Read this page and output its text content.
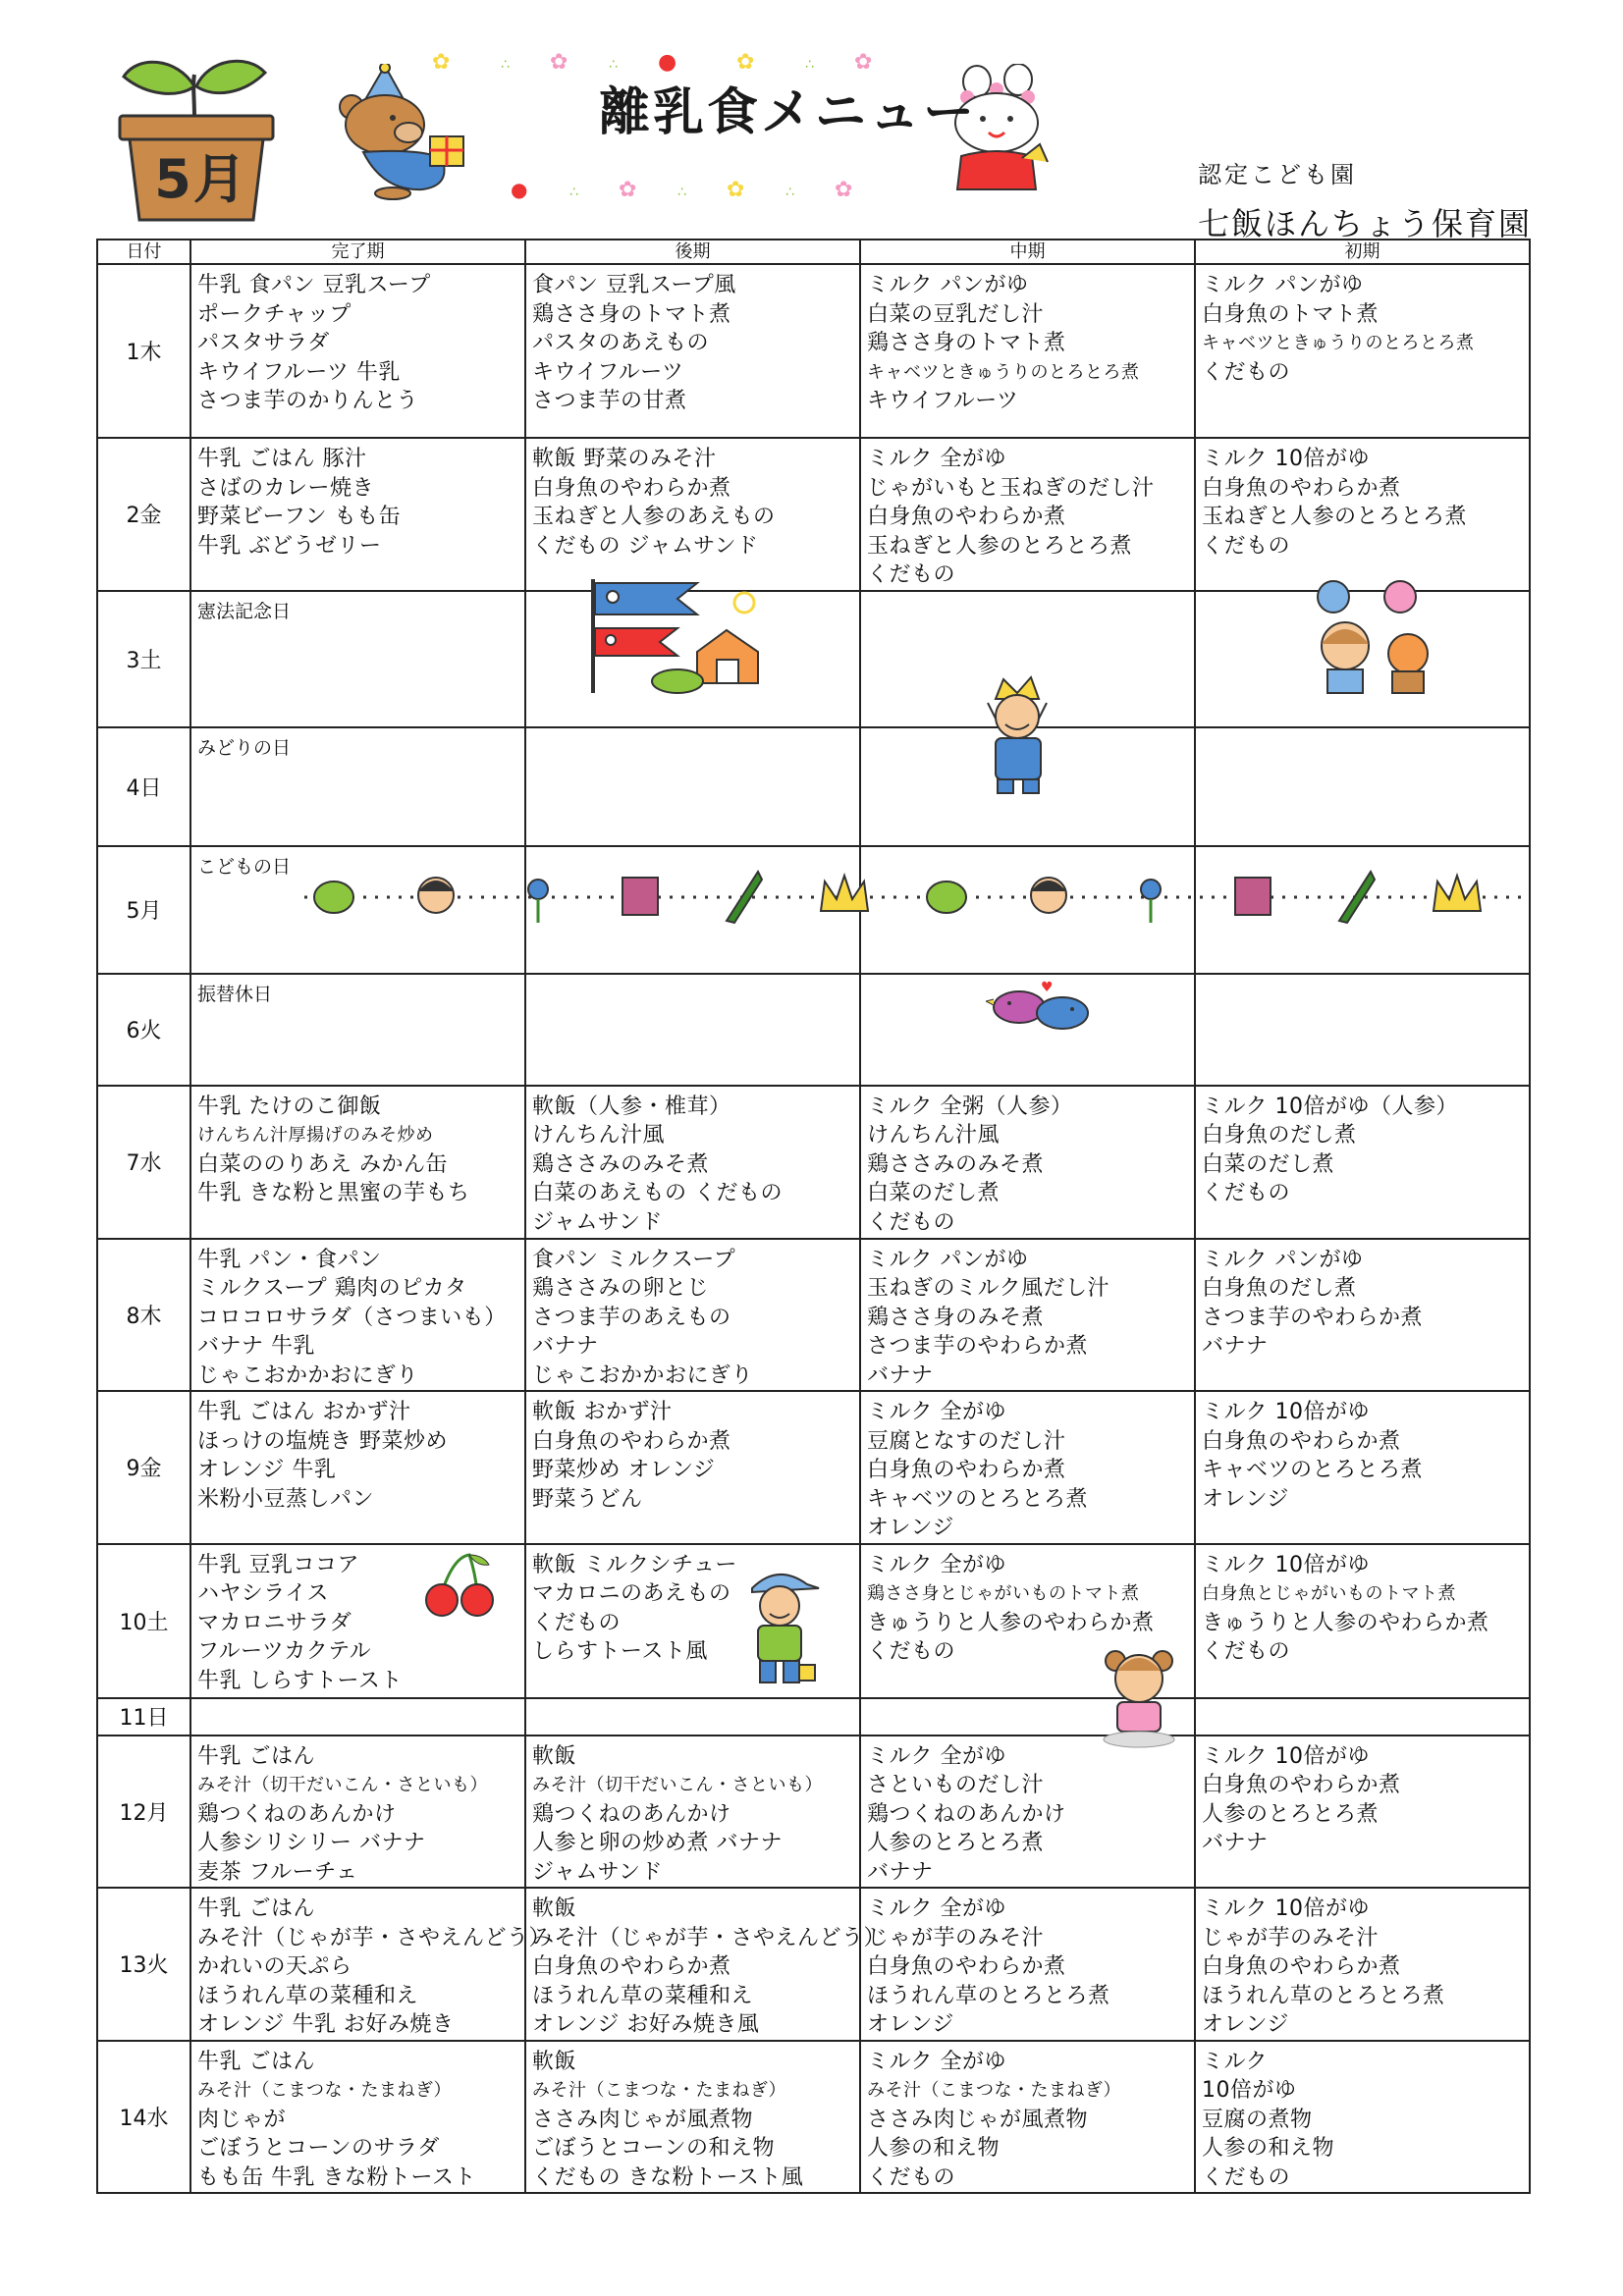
5月
✿	∴ ✿	∴ ●	✿	∴ ✿
●	∴ ✿	∴ ✿	∴ ✿
離乳食メニュー
認定こども園
七飯ほんちょう保育園
日付	完了期	後期	中期	初期
1木	牛乳 食パン 豆乳スープ
ポークチャップ
パスタサラダ
キウイフルーツ 牛乳
さつま芋のかりんとう	食パン 豆乳スープ風
鶏ささ身のトマト煮
パスタのあえもの
キウイフルーツ
さつま芋の甘煮	ミルク パンがゆ
白菜の豆乳だし汁
鶏ささ身のトマト煮
キャベツときゅうりのとろとろ煮
キウイフルーツ	ミルク パンがゆ
白身魚のトマト煮
キャベツときゅうりのとろとろ煮
くだもの

2金	牛乳 ごはん 豚汁
さばのカレー焼き
野菜ビーフン もも缶
牛乳 ぶどうゼリー	軟飯 野菜のみそ汁
白身魚のやわらか煮
玉ねぎと人参のあえもの
くだもの ジャムサンド	ミルク 全がゆ
じゃがいもと玉ねぎのだし汁
白身魚のやわらか煮
玉ねぎと人参のとろとろ煮
くだもの	ミルク 10倍がゆ
白身魚のやわらか煮
玉ねぎと人参のとろとろ煮
くだもの

3土	憲法記念日			

4日	みどりの日			

5月	こどもの日			

6火	振替休日			

7水	牛乳 たけのこ御飯
けんちん汁厚揚げのみそ炒め
白菜ののりあえ みかん缶
牛乳 きな粉と黒蜜の芋もち	軟飯（人参・椎茸）
けんちん汁風
鶏ささみのみそ煮
白菜のあえもの くだもの
ジャムサンド	ミルク 全粥（人参）
けんちん汁風
鶏ささみのみそ煮
白菜のだし煮
くだもの	ミルク 10倍がゆ（人参）
白身魚のだし煮
白菜のだし煮
くだもの

8木	牛乳 パン・食パン
ミルクスープ 鶏肉のピカタ
コロコロサラダ（さつまいも）
バナナ 牛乳
じゃこおかかおにぎり	食パン ミルクスープ
鶏ささみの卵とじ
さつま芋のあえもの
バナナ
じゃこおかかおにぎり	ミルク パンがゆ
玉ねぎのミルク風だし汁
鶏ささ身のみそ煮
さつま芋のやわらか煮
バナナ	ミルク パンがゆ
白身魚のだし煮
さつま芋のやわらか煮
バナナ

9金	牛乳 ごはん おかず汁
ほっけの塩焼き 野菜炒め
オレンジ 牛乳
米粉小豆蒸しパン	軟飯 おかず汁
白身魚のやわらか煮
野菜炒め オレンジ
野菜うどん	ミルク 全がゆ
豆腐となすのだし汁
白身魚のやわらか煮
キャベツのとろとろ煮
オレンジ	ミルク 10倍がゆ
白身魚のやわらか煮
キャベツのとろとろ煮
オレンジ

10土	牛乳 豆乳ココア
ハヤシライス
マカロニサラダ
フルーツカクテル
牛乳 しらすトースト	軟飯 ミルクシチュー
マカロニのあえもの
くだもの
しらすトースト風	ミルク 全がゆ
鶏ささ身とじゃがいものトマト煮
きゅうりと人参のやわらか煮
くだもの	ミルク 10倍がゆ
白身魚とじゃがいものトマト煮
きゅうりと人参のやわらか煮
くだもの

11日				
12月	牛乳 ごはん
みそ汁（切干だいこん・さといも）
鶏つくねのあんかけ
人参シリシリー バナナ
麦茶 フルーチェ	軟飯
みそ汁（切干だいこん・さといも）
鶏つくねのあんかけ
人参と卵の炒め煮 バナナ
ジャムサンド	ミルク 全がゆ
さといものだし汁
鶏つくねのあんかけ
人参のとろとろ煮
バナナ	ミルク 10倍がゆ
白身魚のやわらか煮
人参のとろとろ煮
バナナ

13火	牛乳 ごはん
みそ汁（じゃが芋・さやえんどう）
かれいの天ぷら
ほうれん草の菜種和え
オレンジ 牛乳 お好み焼き	軟飯
みそ汁（じゃが芋・さやえんどう）
白身魚のやわらか煮
ほうれん草の菜種和え
オレンジ お好み焼き風	ミルク 全がゆ
じゃが芋のみそ汁
白身魚のやわらか煮
ほうれん草のとろとろ煮
オレンジ	ミルク 10倍がゆ
じゃが芋のみそ汁
白身魚のやわらか煮
ほうれん草のとろとろ煮
オレンジ

14水	牛乳 ごはん
みそ汁（こまつな・たまねぎ）
肉じゃが
ごぼうとコーンのサラダ
もも缶 牛乳 きな粉トースト	軟飯
みそ汁（こまつな・たまねぎ）
ささみ肉じゃが風煮物
ごぼうとコーンの和え物
くだもの きな粉トースト風	ミルク 全がゆ
みそ汁（こまつな・たまねぎ）
ささみ肉じゃが風煮物
人参の和え物
くだもの	ミルク
10倍がゆ
豆腐の煮物
人参の和え物
くだもの
♥
